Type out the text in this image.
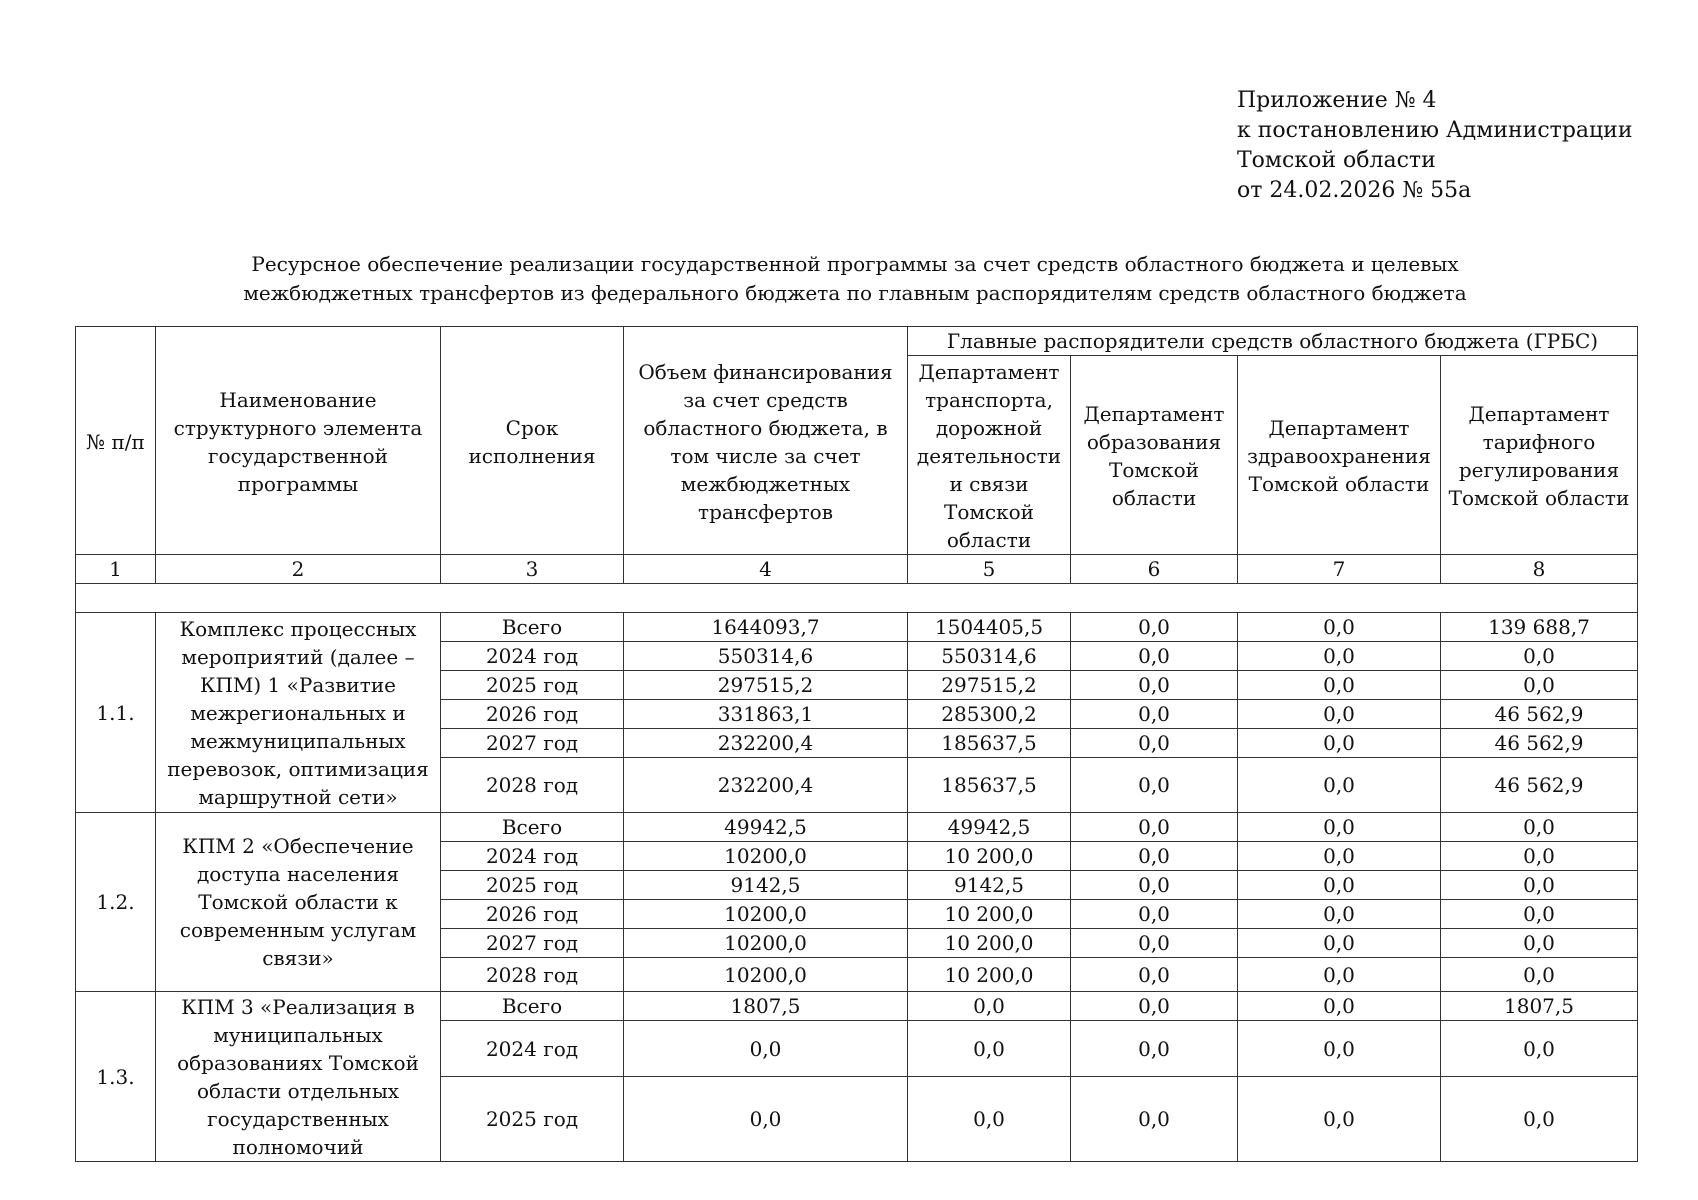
Приложение № 4
к постановлению Администрации
Томской области
от 24.02.2026 № 55а
Ресурсное обеспечение реализации государственной программы за счет средств областного бюджета и целевых
межбюджетных трансфертов из федерального бюджета по главным распорядителям средств областного бюджета
№ п/п	Наименование структурного элемента государственной программы	Срок исполнения	Объем финансирования за счет средств областного бюджета, в том числе за счет межбюджетных трансфертов	Главные распорядители средств областного бюджета (ГРБС)			
				Департамент транспорта, дорожной деятельности и связи Томской области	Департамент образования Томской области	Департамент здравоохранения Томской области	Департамент тарифного регулирования Томской области
1	2	3	4	5	6	7	8

1.1.	Комплекс процессных мероприятий (далее – КПМ) 1 «Развитие межрегиональных и межмуниципальных перевозок, оптимизация маршрутной сети»	Всего	1644093,7	1504405,5	0,0	0,0	139 688,7
		2024 год	550314,6	550314,6	0,0	0,0	0,0
		2025 год	297515,2	297515,2	0,0	0,0	0,0
		2026 год	331863,1	285300,2	0,0	0,0	46 562,9
		2027 год	232200,4	185637,5	0,0	0,0	46 562,9
		2028 год	232200,4	185637,5	0,0	0,0	46 562,9
1.2.	КПМ 2 «Обеспечение доступа населения Томской области к современным услугам связи»	Всего	49942,5	49942,5	0,0	0,0	0,0
		2024 год	10200,0	10 200,0	0,0	0,0	0,0
		2025 год	9142,5	9142,5	0,0	0,0	0,0
		2026 год	10200,0	10 200,0	0,0	0,0	0,0
		2027 год	10200,0	10 200,0	0,0	0,0	0,0
		2028 год	10200,0	10 200,0	0,0	0,0	0,0
1.3.	КПМ 3 «Реализация в муниципальных образованиях Томской области отдельных государственных полномочий	Всего	1807,5	0,0	0,0	0,0	1807,5
		2024 год	0,0	0,0	0,0	0,0	0,0
		2025 год	0,0	0,0	0,0	0,0	0,0
